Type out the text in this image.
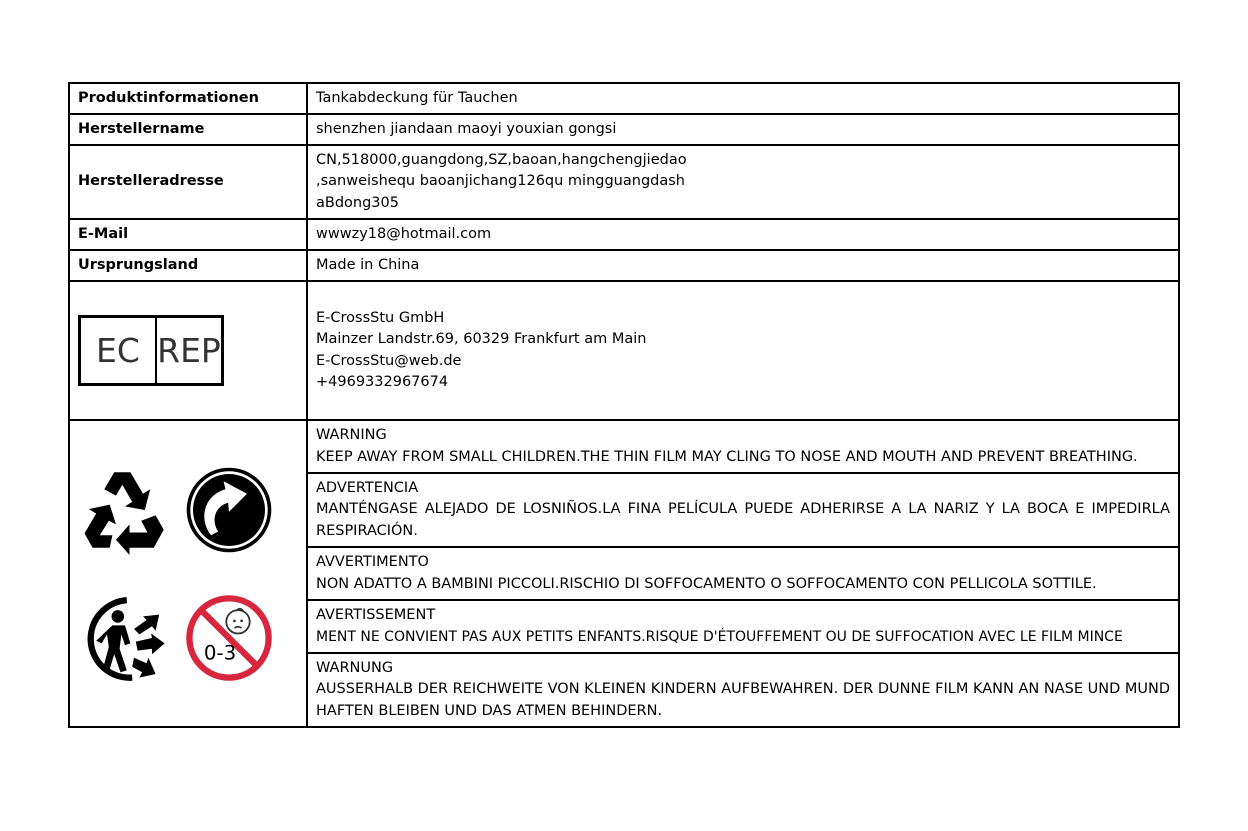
Produktinformationen	Tankabdeckung für Tauchen
Herstellername	shenzhen jiandaan maoyi youxian gongsi
Herstelleradresse	CN,518000,guangdong,SZ,baoan,hangchengjiedao
,sanweishequ baoanjichang126qu mingguangdash
aBdong305

E-Mail	wwwzy18@hotmail.com
Ursprungsland	Made in China

EC REP	E-CrossStu GmbH
Mainzer Landstr.69, 60329 Frankfurt am Main
E-CrossStu@web.de
+4969332967674

0-3	WARNING
KEEP AWAY FROM SMALL CHILDREN.THE THIN FILM MAY CLING TO NOSE AND MOUTH AND PREVENT BREATHING.

	ADVERTENCIA
MANTÉNGASE ALEJADO DE LOSNIÑOS.LA FINA PELÍCULA PUEDE ADHERIRSE A LA NARIZ Y LA BOCA E IMPEDIRLA RESPIRACIÓN.

	AVVERTIMENTO
NON ADATTO A BAMBINI PICCOLI.RISCHIO DI SOFFOCAMENTO O SOFFOCAMENTO CON PELLICOLA SOTTILE.

	AVERTISSEMENT
MENT NE CONVIENT PAS AUX PETITS ENFANTS.RISQUE D'ÉTOUFFEMENT OU DE SUFFOCATION AVEC LE FILM MINCE

	WARNUNG
AUSSERHALB DER REICHWEITE VON KLEINEN KINDERN AUFBEWAHREN. DER DUNNE FILM KANN AN NASE UND MUND HAFTEN BLEIBEN UND DAS ATMEN BEHINDERN.
